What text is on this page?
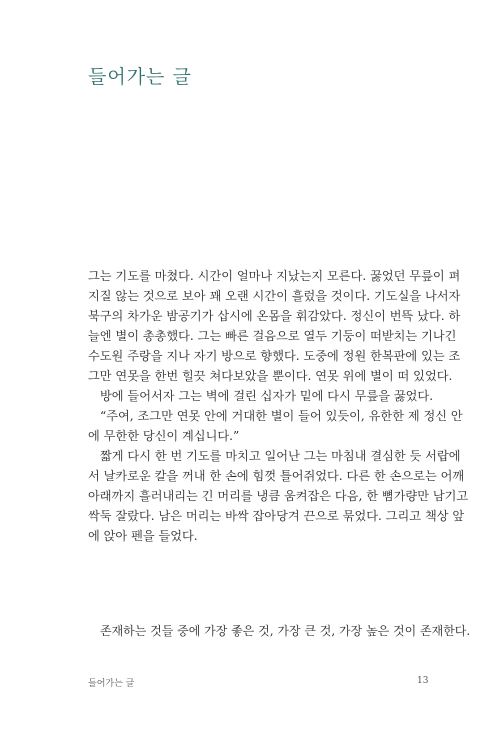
들어가는 글
그는 기도를 마쳤다. 시간이 얼마나 지났는지 모른다. 꿇었던 무릎이 펴
지질 않는 것으로 보아 꽤 오랜 시간이 흘렀을 것이다. 기도실을 나서자
북구의 차가운 밤공기가 삽시에 온몸을 휘감았다. 정신이 번뜩 났다. 하
늘엔 별이 총총했다. 그는 빠른 걸음으로 열두 기둥이 떠받치는 기나긴
수도원 주랑을 지나 자기 방으로 향했다. 도중에 정원 한복판에 있는 조
그만 연못을 한번 힐끗 쳐다보았을 뿐이다. 연못 위에 별이 떠 있었다.
방에 들어서자 그는 벽에 걸린 십자가 밑에 다시 무릎을 꿇었다.
“주여, 조그만 연못 안에 거대한 별이 들어 있듯이, 유한한 제 정신 안
에 무한한 당신이 계십니다.”
짧게 다시 한 번 기도를 마치고 일어난 그는 마침내 결심한 듯 서랍에
서 날카로운 칼을 꺼내 한 손에 힘껏 틀어쥐었다. 다른 한 손으로는 어깨
아래까지 흘러내리는 긴 머리를 냉큼 움켜잡은 다음, 한 뼘가량만 남기고
싹둑 잘랐다. 남은 머리는 바싹 잡아당겨 끈으로 묶었다. 그리고 책상 앞
에 앉아 펜을 들었다.
존재하는 것들 중에 가장 좋은 것, 가장 큰 것, 가장 높은 것이 존재한다.
들어가는 글	13
